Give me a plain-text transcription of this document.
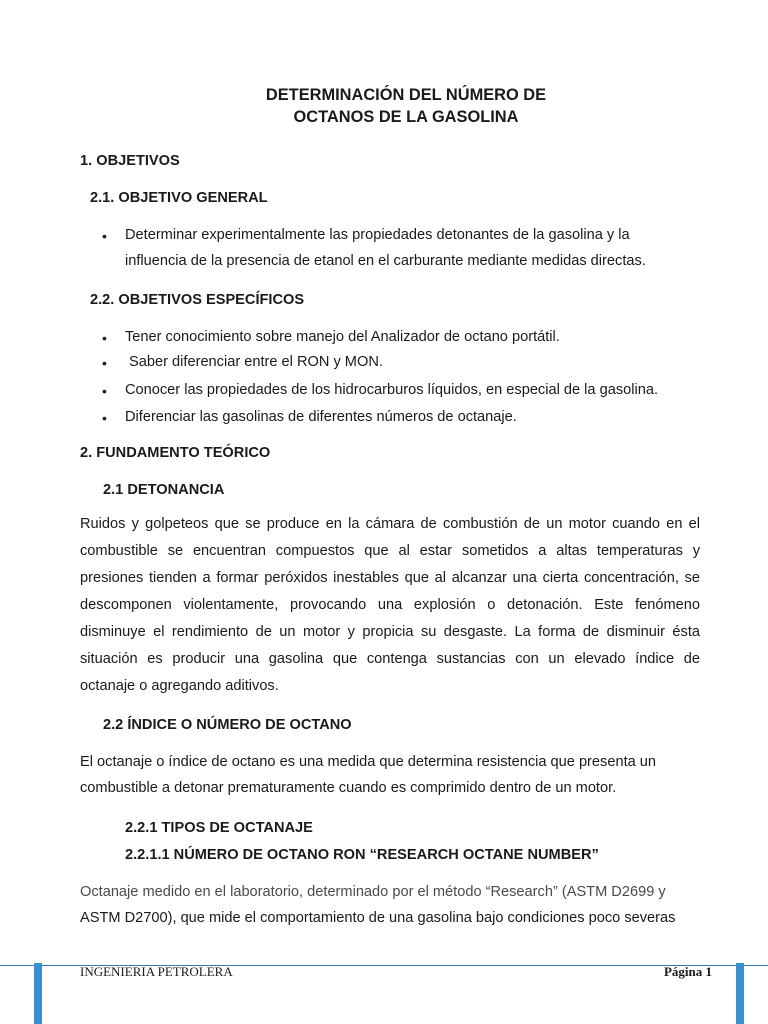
DETERMINACIÓN DEL NÚMERO DE
OCTANOS DE LA GASOLINA
1. OBJETIVOS
2.1. OBJETIVO GENERAL
• Determinar experimentalmente las propiedades detonantes de la gasolina y la
influencia de la presencia de etanol en el carburante mediante medidas directas.
2.2. OBJETIVOS ESPECÍFICOS
• Tener conocimiento sobre manejo del Analizador de octano portátil.
• Saber diferenciar entre el RON y MON.
• Conocer las propiedades de los hidrocarburos líquidos, en especial de la gasolina.
• Diferenciar las gasolinas de diferentes números de octanaje.
2. FUNDAMENTO TEÓRICO
2.1 DETONANCIA
Ruidos y golpeteos que se produce en la cámara de combustión de un motor cuando en el
combustible se encuentran compuestos que al estar sometidos a altas temperaturas y
presiones tienden a formar peróxidos inestables que al alcanzar una cierta concentración, se
descomponen violentamente, provocando una explosión o detonación. Este fenómeno
disminuye el rendimiento de un motor y propicia su desgaste. La forma de disminuir ésta
situación es producir una gasolina que contenga sustancias con un elevado índice de
octanaje o agregando aditivos.
2.2 ÍNDICE O NÚMERO DE OCTANO
El octanaje o índice de octano es una medida que determina resistencia que presenta un
combustible a detonar prematuramente cuando es comprimido dentro de un motor.
2.2.1 TIPOS DE OCTANAJE
2.2.1.1 NÚMERO DE OCTANO RON “RESEARCH OCTANE NUMBER”
Octanaje medido en el laboratorio, determinado por el método “Research” (ASTM D2699 y
ASTM D2700), que mide el comportamiento de una gasolina bajo condiciones poco severas
INGENIERIA PETROLERA	Página 1
